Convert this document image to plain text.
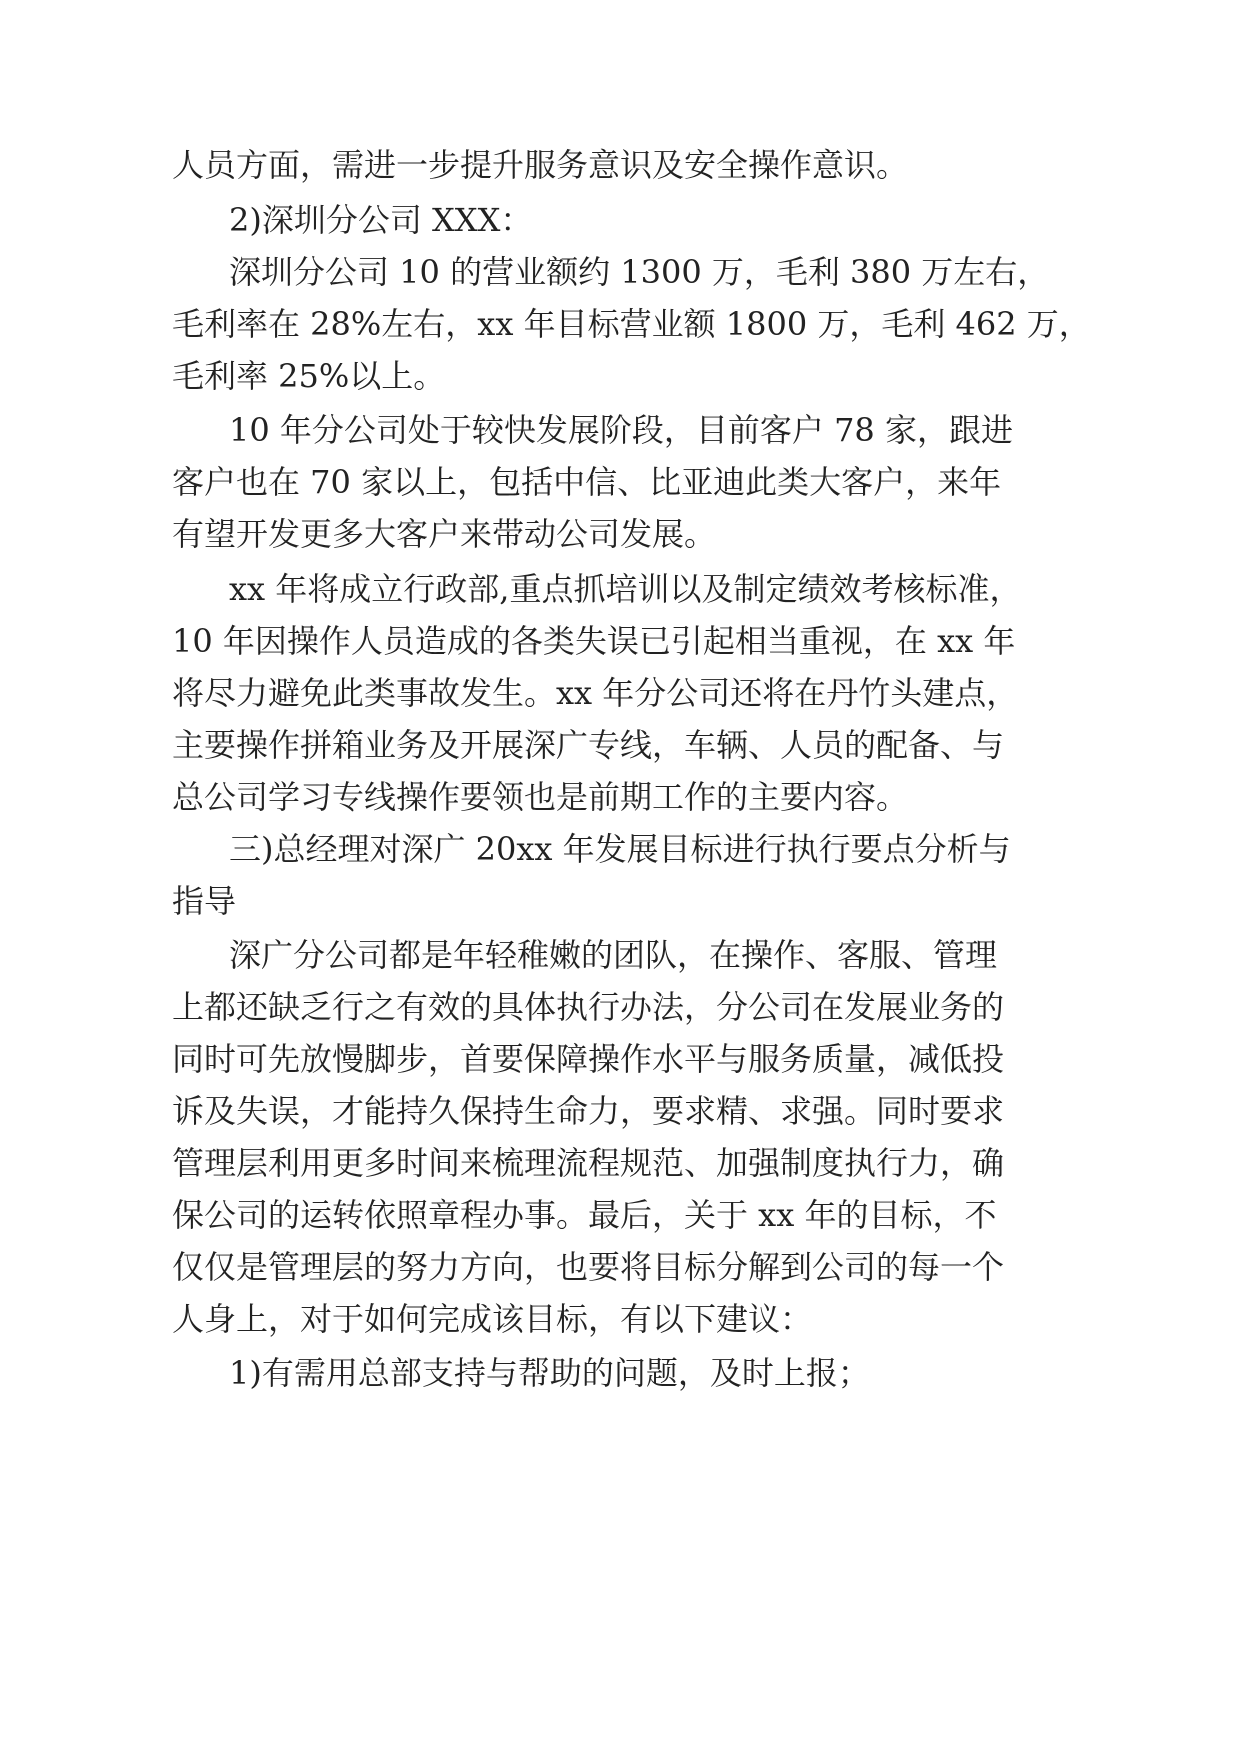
人员方面，需进一步提升服务意识及安全操作意识。
2)深圳分公司 XXX：
深圳分公司 10 的营业额约 1300 万，毛利 380 万左右，
毛利率在 28%左右，xx 年目标营业额 1800 万，毛利 462 万，
毛利率 25%以上。
10 年分公司处于较快发展阶段，目前客户 78 家，跟进
客户也在 70 家以上，包括中信、比亚迪此类大客户，来年
有望开发更多大客户来带动公司发展。
xx 年将成立行政部,重点抓培训以及制定绩效考核标准，
10 年因操作人员造成的各类失误已引起相当重视，在 xx 年
将尽力避免此类事故发生。xx 年分公司还将在丹竹头建点，
主要操作拼箱业务及开展深广专线，车辆、人员的配备、与
总公司学习专线操作要领也是前期工作的主要内容。
三)总经理对深广 20xx 年发展目标进行执行要点分析与
指导
深广分公司都是年轻稚嫩的团队，在操作、客服、管理
上都还缺乏行之有效的具体执行办法，分公司在发展业务的
同时可先放慢脚步，首要保障操作水平与服务质量，减低投
诉及失误，才能持久保持生命力，要求精、求强。同时要求
管理层利用更多时间来梳理流程规范、加强制度执行力，确
保公司的运转依照章程办事。最后，关于 xx 年的目标，不
仅仅是管理层的努力方向，也要将目标分解到公司的每一个
人身上，对于如何完成该目标，有以下建议：
1)有需用总部支持与帮助的问题，及时上报；
